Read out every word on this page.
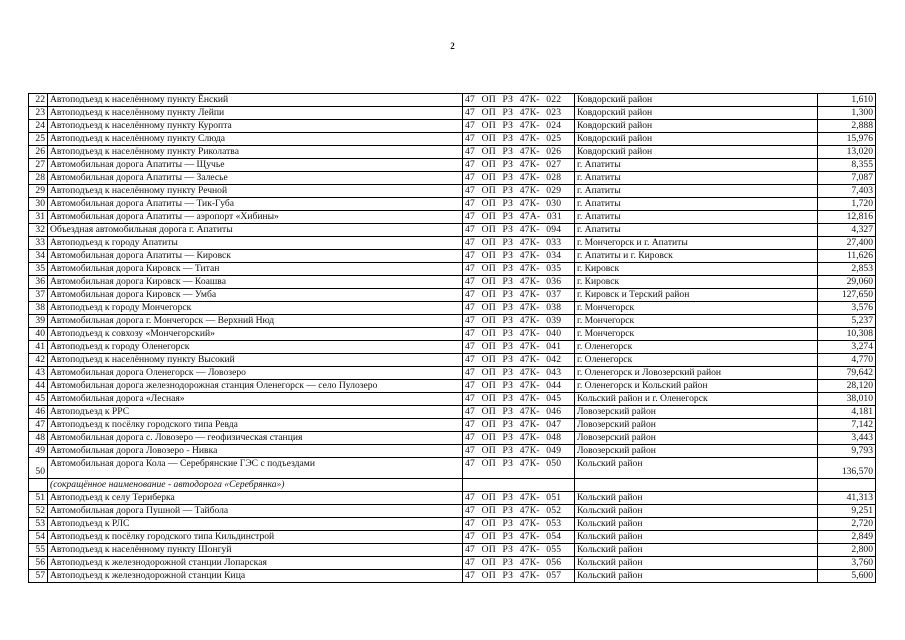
2
22	Автоподъезд к населённому пункту Ёнский	47 ОП РЗ 47К- 022	Ковдорский район	1,610
23	Автоподъезд к населённому пункту Лейпи	47 ОП РЗ 47К- 023	Ковдорский район	1,300
24	Автоподъезд к населённому пункту Куропта	47 ОП РЗ 47К- 024	Ковдорский район	2,888
25	Автоподъезд к населённому пункту Слюда	47 ОП РЗ 47К- 025	Ковдорский район	15,976
26	Автоподъезд к населённому пункту Риколатва	47 ОП РЗ 47К- 026	Ковдорский район	13,020
27	Автомобильная дорога Апатиты — Щучье	47 ОП РЗ 47К- 027	г. Апатиты	8,355
28	Автомобильная дорога Апатиты — Залесье	47 ОП РЗ 47К- 028	г. Апатиты	7,087
29	Автоподъезд к населённому пункту Речной	47 ОП РЗ 47К- 029	г. Апатиты	7,403
30	Автомобильная дорога Апатиты — Тик-Губа	47 ОП РЗ 47К- 030	г. Апатиты	1,720
31	Автомобильная дорога Апатиты — аэропорт «Хибины»	47 ОП РЗ 47А- 031	г. Апатиты	12,816
32	Объездная автомобильная дорога г. Апатиты	47 ОП РЗ 47К- 094	г. Апатиты	4,327
33	Автоподъезд к городу Апатиты	47 ОП РЗ 47К- 033	г. Мончегорск и г. Апатиты	27,400
34	Автомобильная дорога Апатиты — Кировск	47 ОП РЗ 47К- 034	г. Апатиты и г. Кировск	11,626
35	Автомобильная дорога Кировск — Титан	47 ОП РЗ 47К- 035	г. Кировск	2,853
36	Автомобильная дорога Кировск — Коашва	47 ОП РЗ 47К- 036	г. Кировск	29,060
37	Автомобильная дорога Кировск — Умба	47 ОП РЗ 47К- 037	г. Кировск и Терский район	127,650
38	Автоподъезд к городу Мончегорск	47 ОП РЗ 47К- 038	г. Мончегорск	3,576
39	Автомобильная дорога г. Мончегорск — Верхний Нюд	47 ОП РЗ 47К- 039	г. Мончегорск	5,237
40	Автоподъезд к совхозу «Мончегорский»	47 ОП РЗ 47К- 040	г. Мончегорск	10,308
41	Автоподъезд к городу Оленегорск	47 ОП РЗ 47К- 041	г. Оленегорск	3,274
42	Автоподъезд к населённому пункту Высокий	47 ОП РЗ 47К- 042	г. Оленегорск	4,770
43	Автомобильная дорога Оленегорск — Ловозеро	47 ОП РЗ 47К- 043	г. Оленегорск и Ловозерский район	79,642
44	Автомобильная дорога железнодорожная станция Оленегорск — село Пулозеро	47 ОП РЗ 47К- 044	г. Оленегорск и Кольский район	28,120
45	Автомобильная дорога «Лесная»	47 ОП РЗ 47К- 045	Кольский район и г. Оленегорск	38,010
46	Автоподъезд к РРС	47 ОП РЗ 47К- 046	Ловозерский район	4,181
47	Автоподъезд к посёлку городского типа Ревда	47 ОП РЗ 47К- 047	Ловозерский район	7,142
48	Автомобильная дорога с. Ловозеро — геофизическая станция	47 ОП РЗ 47К- 048	Ловозерский район	3,443
49	Автомобильная дорога Ловозеро - Нивка	47 ОП РЗ 47К- 049	Ловозерский район	9,793
50	Автомобильная дорога Кола — Серебрянские ГЭС с подъездами	47 ОП РЗ 47К- 050	Кольский район	136,570
	(сокращённое наименование - автодорога «Серебрянка»)			
51	Автоподъезд к селу Териберка	47 ОП РЗ 47К- 051	Кольский район	41,313
52	Автомобильная дорога Пушной — Тайбола	47 ОП РЗ 47К- 052	Кольский район	9,251
53	Автоподъезд к РЛС	47 ОП РЗ 47К- 053	Кольский район	2,720
54	Автоподъезд к посёлку городского типа Кильдинстрой	47 ОП РЗ 47К- 054	Кольский район	2,849
55	Автоподъезд к населённому пункту Шонгуй	47 ОП РЗ 47К- 055	Кольский район	2,800
56	Автоподъезд к железнодорожной станции Лопарская	47 ОП РЗ 47К- 056	Кольский район	3,760
57	Автоподъезд к железнодорожной станции Кица	47 ОП РЗ 47К- 057	Кольский район	5,600
